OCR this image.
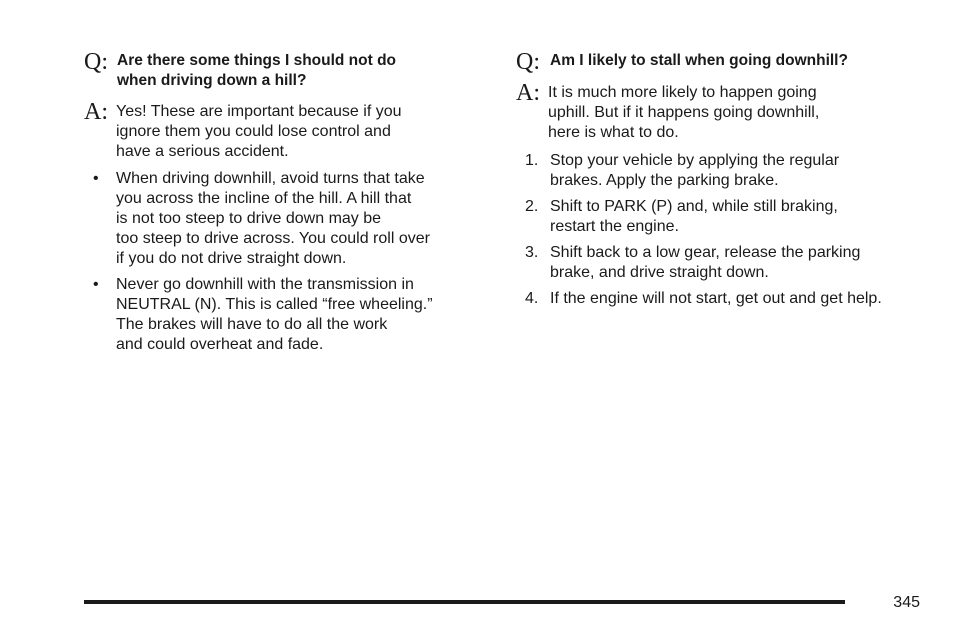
Q: Are there some things I should not do
when driving down a hill?
A: Yes! These are important because if you
ignore them you could lose control and
have a serious accident.
• When driving downhill, avoid turns that take
you across the incline of the hill. A hill that
is not too steep to drive down may be
too steep to drive across. You could roll over
if you do not drive straight down.
• Never go downhill with the transmission in
NEUTRAL (N). This is called “free wheeling.”
The brakes will have to do all the work
and could overheat and fade.
Q: Am I likely to stall when going downhill?
A: It is much more likely to happen going
uphill. But if it happens going downhill,
here is what to do.
1. Stop your vehicle by applying the regular
brakes. Apply the parking brake.
2. Shift to PARK (P) and, while still braking,
restart the engine.
3. Shift back to a low gear, release the parking
brake, and drive straight down.
4. If the engine will not start, get out and get help.
345
